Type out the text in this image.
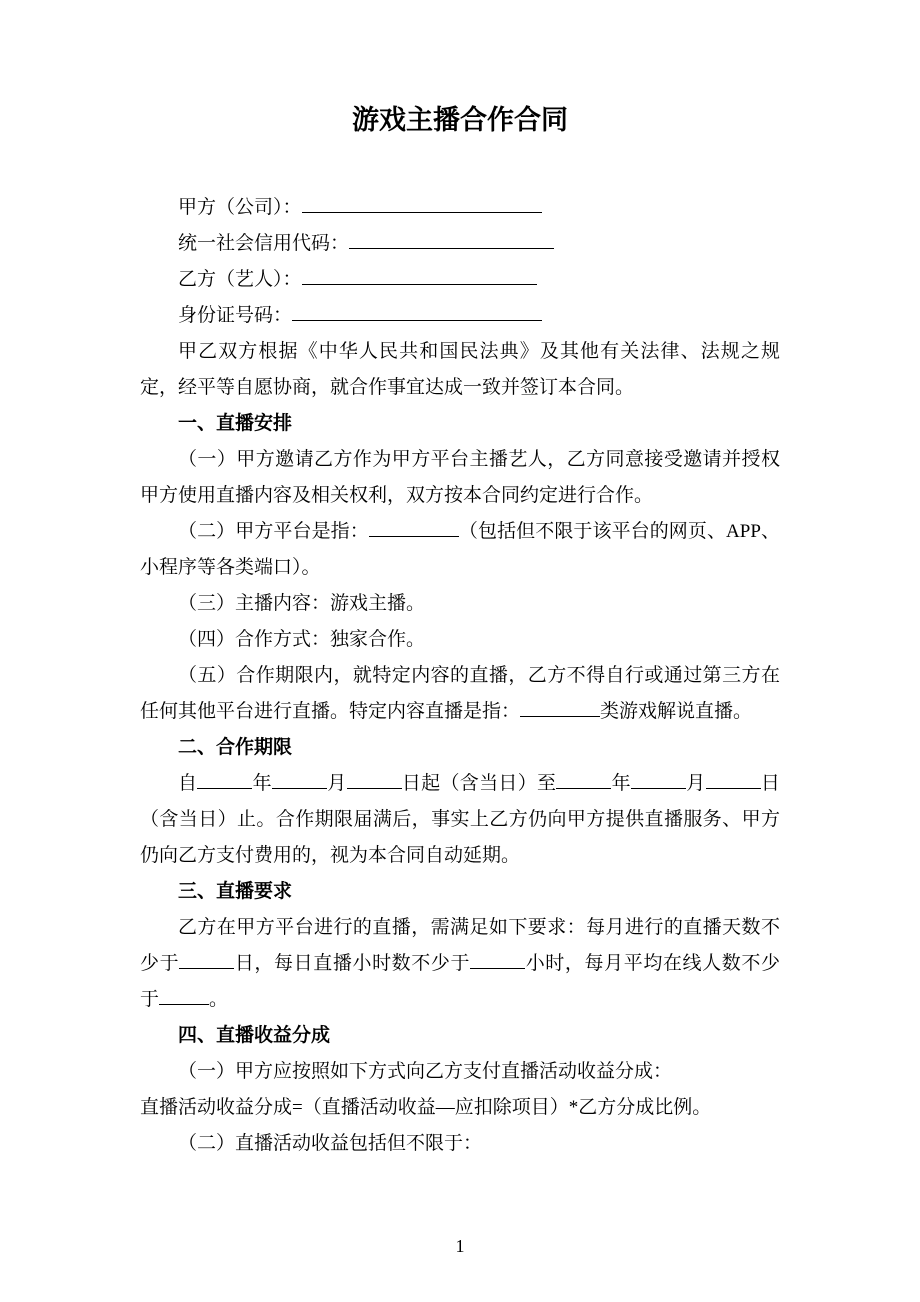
游戏主播合作合同

甲方（公司）：

统一社会信用代码：

乙方（艺人）：

身份证号码：

甲乙双方根据《中华人民共和国民法典》及其他有关法律、法规之规定，经平等自愿协商，就合作事宜达成一致并签订本合同。

一、直播安排

（一）甲方邀请乙方作为甲方平台主播艺人，乙方同意接受邀请并授权甲方使用直播内容及相关权利，双方按本合同约定进行合作。

（二）甲方平台是指：	（包括但不限于该平台的网页、APP、小程序等各类端口）。

（三）主播内容：游戏主播。

（四）合作方式：独家合作。

（五）合作期限内，就特定内容的直播，乙方不得自行或通过第三方在任何其他平台进行直播。特定内容直播是指：	类游戏解说直播。

二、合作期限

自	年	月	日起（含当日）至	年	月	日（含当日）止。合作期限届满后，事实上乙方仍向甲方提供直播服务、甲方仍向乙方支付费用的，视为本合同自动延期。

三、直播要求

乙方在甲方平台进行的直播，需满足如下要求：每月进行的直播天数不少于	日，每日直播小时数不少于	小时，每月平均在线人数不少于	。

四、直播收益分成

（一）甲方应按照如下方式向乙方支付直播活动收益分成：

直播活动收益分成=（直播活动收益—应扣除项目）*乙方分成比例。

（二）直播活动收益包括但不限于：

1
